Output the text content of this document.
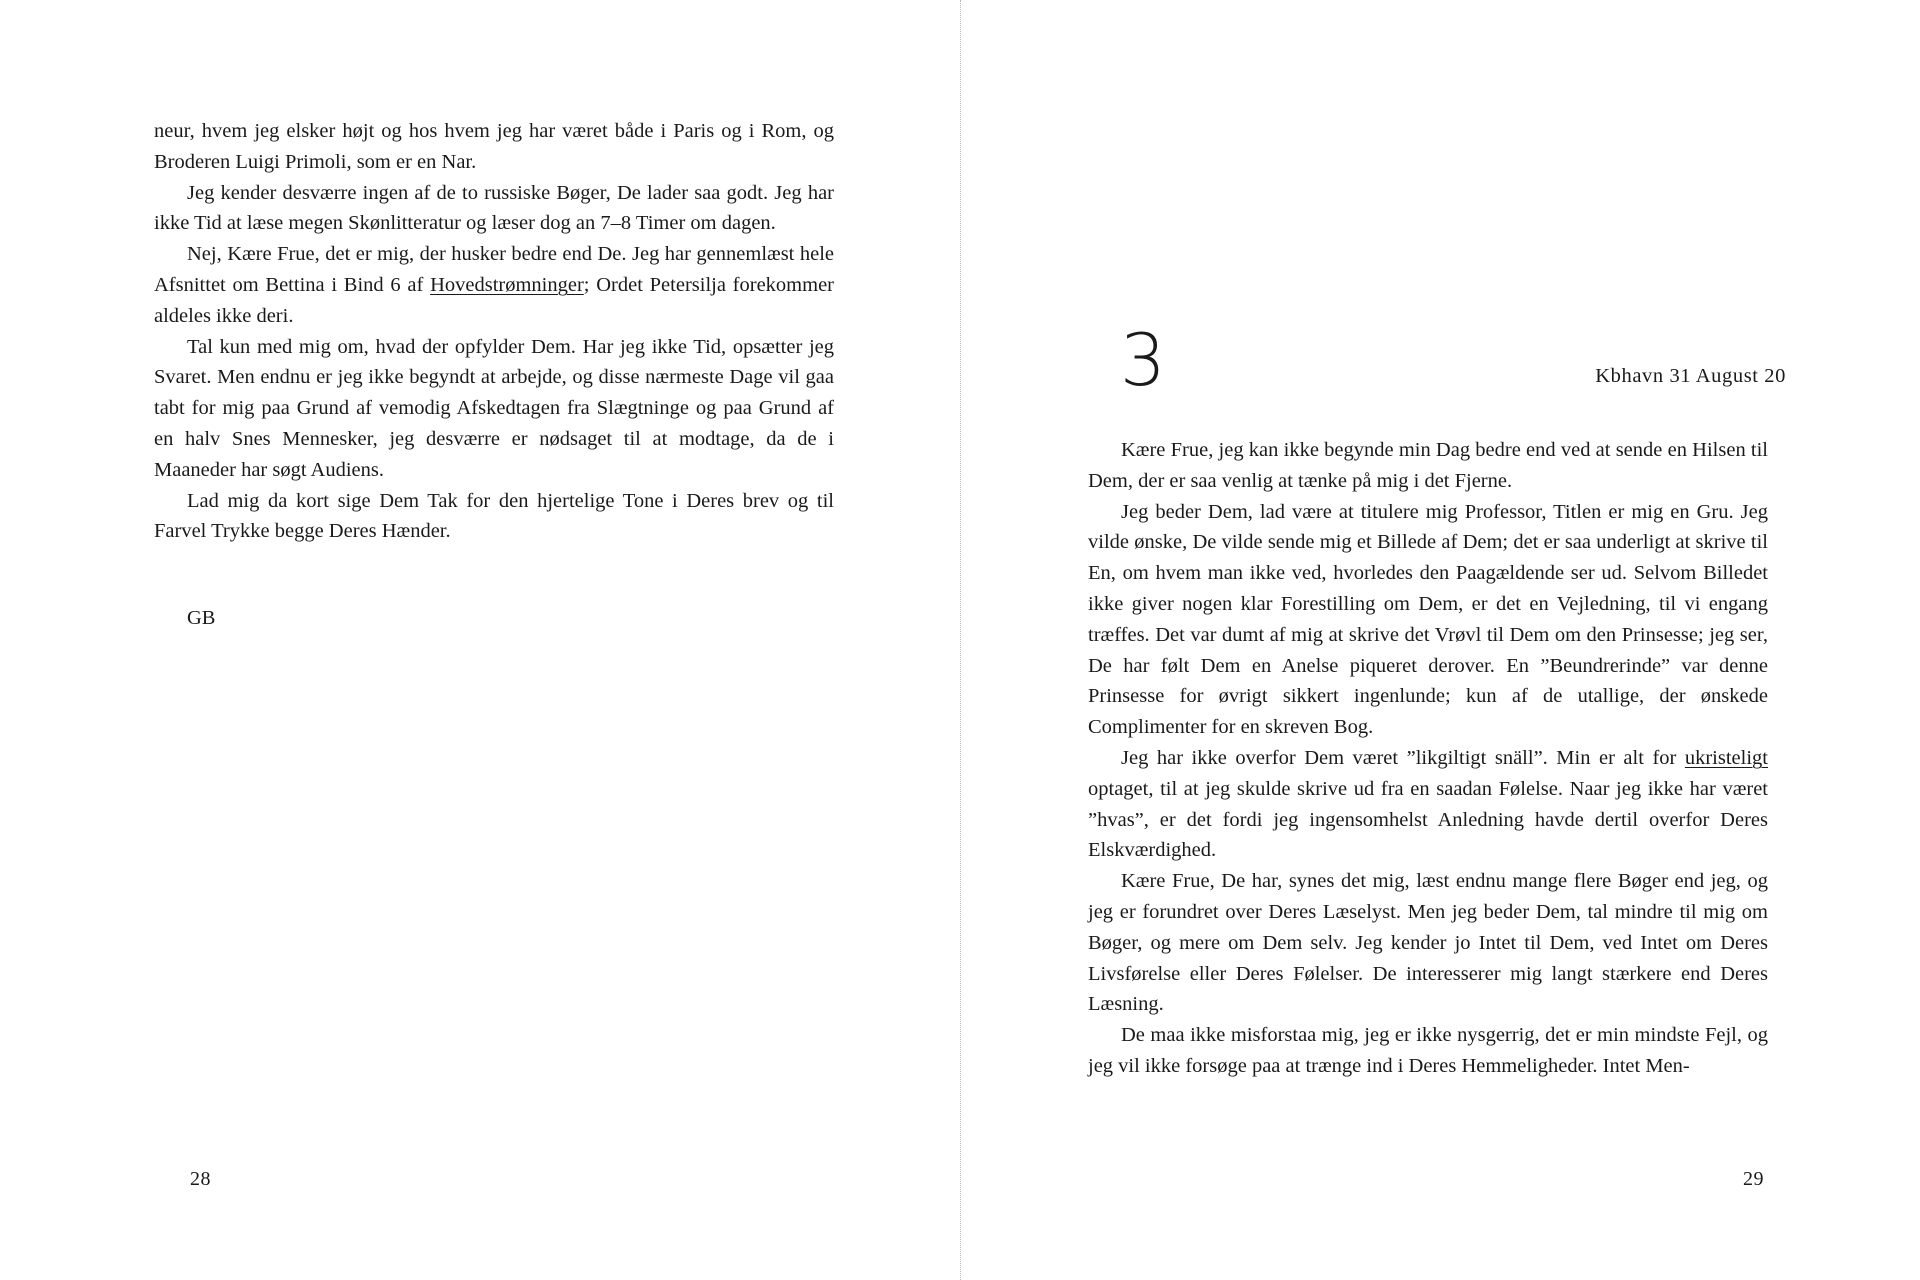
neur, hvem jeg elsker højt og hos hvem jeg har været både i Paris og i Rom, og Broderen Luigi Primoli, som er en Nar.

Jeg kender desværre ingen af de to russiske Bøger, De lader saa godt. Jeg har ikke Tid at læse megen Skønlitteratur og læser dog an 7–8 Timer om dagen.

Nej, Kære Frue, det er mig, der husker bedre end De. Jeg har gennemlæst hele Afsnittet om Bettina i Bind 6 af Hovedstrømninger; Ordet Petersilja forekommer aldeles ikke deri.

Tal kun med mig om, hvad der opfylder Dem. Har jeg ikke Tid, opsætter jeg Svaret. Men endnu er jeg ikke begyndt at arbejde, og disse nærmeste Dage vil gaa tabt for mig paa Grund af vemodig Afskedtagen fra Slægtninge og paa Grund af en halv Snes Mennesker, jeg desværre er nødsaget til at modtage, da de i Maaneder har søgt Audiens.

Lad mig da kort sige Dem Tak for den hjertelige Tone i Deres brev og til Farvel Trykke begge Deres Hænder.

GB
28
3	Kbhavn 31 August 20

Kære Frue, jeg kan ikke begynde min Dag bedre end ved at sende en Hilsen til Dem, der er saa venlig at tænke på mig i det Fjerne.

Jeg beder Dem, lad være at titulere mig Professor, Titlen er mig en Gru. Jeg vilde ønske, De vilde sende mig et Billede af Dem; det er saa underligt at skrive til En, om hvem man ikke ved, hvorledes den Paagældende ser ud. Selvom Billedet ikke giver nogen klar Forestilling om Dem, er det en Vejledning, til vi engang træffes. Det var dumt af mig at skrive det Vrøvl til Dem om den Prinsesse; jeg ser, De har følt Dem en Anelse piqueret derover. En ”Beundrerinde” var denne Prinsesse for øvrigt sikkert ingenlunde; kun af de utallige, der ønskede Complimenter for en skreven Bog.

Jeg har ikke overfor Dem været ”likgiltigt snäll”. Min er alt for ukristeligt optaget, til at jeg skulde skrive ud fra en saadan Følelse. Naar jeg ikke har været ”hvas”, er det fordi jeg ingensomhelst Anledning havde dertil overfor Deres Elskværdighed.

Kære Frue, De har, synes det mig, læst endnu mange flere Bøger end jeg, og jeg er forundret over Deres Læselyst. Men jeg beder Dem, tal mindre til mig om Bøger, og mere om Dem selv. Jeg kender jo Intet til Dem, ved Intet om Deres Livsførelse eller Deres Følelser. De interesserer mig langt stærkere end Deres Læsning.

De maa ikke misforstaa mig, jeg er ikke nysgerrig, det er min mindste Fejl, og jeg vil ikke forsøge paa at trænge ind i Deres Hemmeligheder. Intet Men-

29
